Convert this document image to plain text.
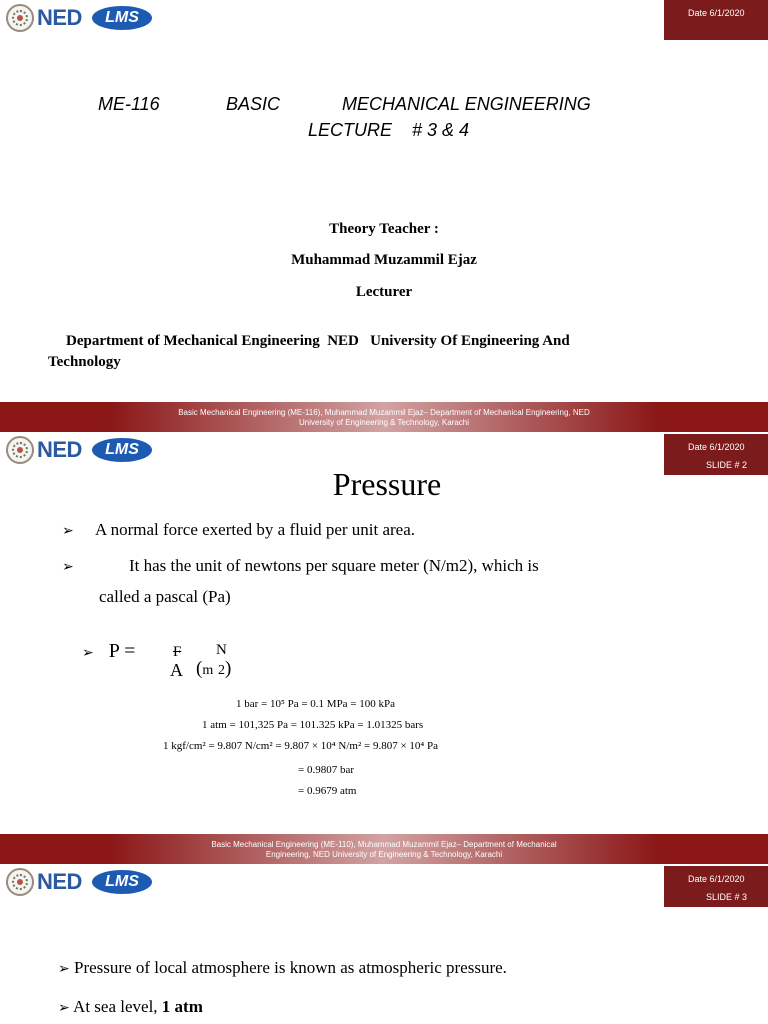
NED	LMS	Date 6/1/2020
ME-116	BASIC	MECHANICAL ENGINEERING
LECTURE    # 3 & 4
Theory Teacher :
Muhammad Muzammil Ejaz
Lecturer
Department of Mechanical Engineering  NED   University Of Engineering And
Technology
Basic Mechanical Engineering (ME-116), Muhammad Muzammil Ejaz– Department of Mechanical Engineering, NED
University of Engineering & Technology, Karachi
NED	LMS	Date 6/1/2020
SLIDE # 2
Pressure
➢ A normal force exerted by a fluid per unit area.
➢	It has the unit of newtons per square meter (N/m2), which is
called a pascal (Pa)
➢ P =	F
A
N
(m 2)
1 bar = 10⁵ Pa = 0.1 MPa = 100 kPa
1 atm = 101,325 Pa = 101.325 kPa = 1.01325 bars
1 kgf/cm² = 9.807 N/cm² = 9.807 × 10⁴ N/m² = 9.807 × 10⁴ Pa
= 0.9807 bar
= 0.9679 atm
Basic Mechanical Engineering (ME-110), Muhammad Muzammil Ejaz– Department of Mechanical
Engineering, NED University of Engineering & Technology, Karachi
NED	LMS	Date 6/1/2020
SLIDE # 3
➢ Pressure of local atmosphere is known as atmospheric pressure.
➢ At sea level, 1 atm
